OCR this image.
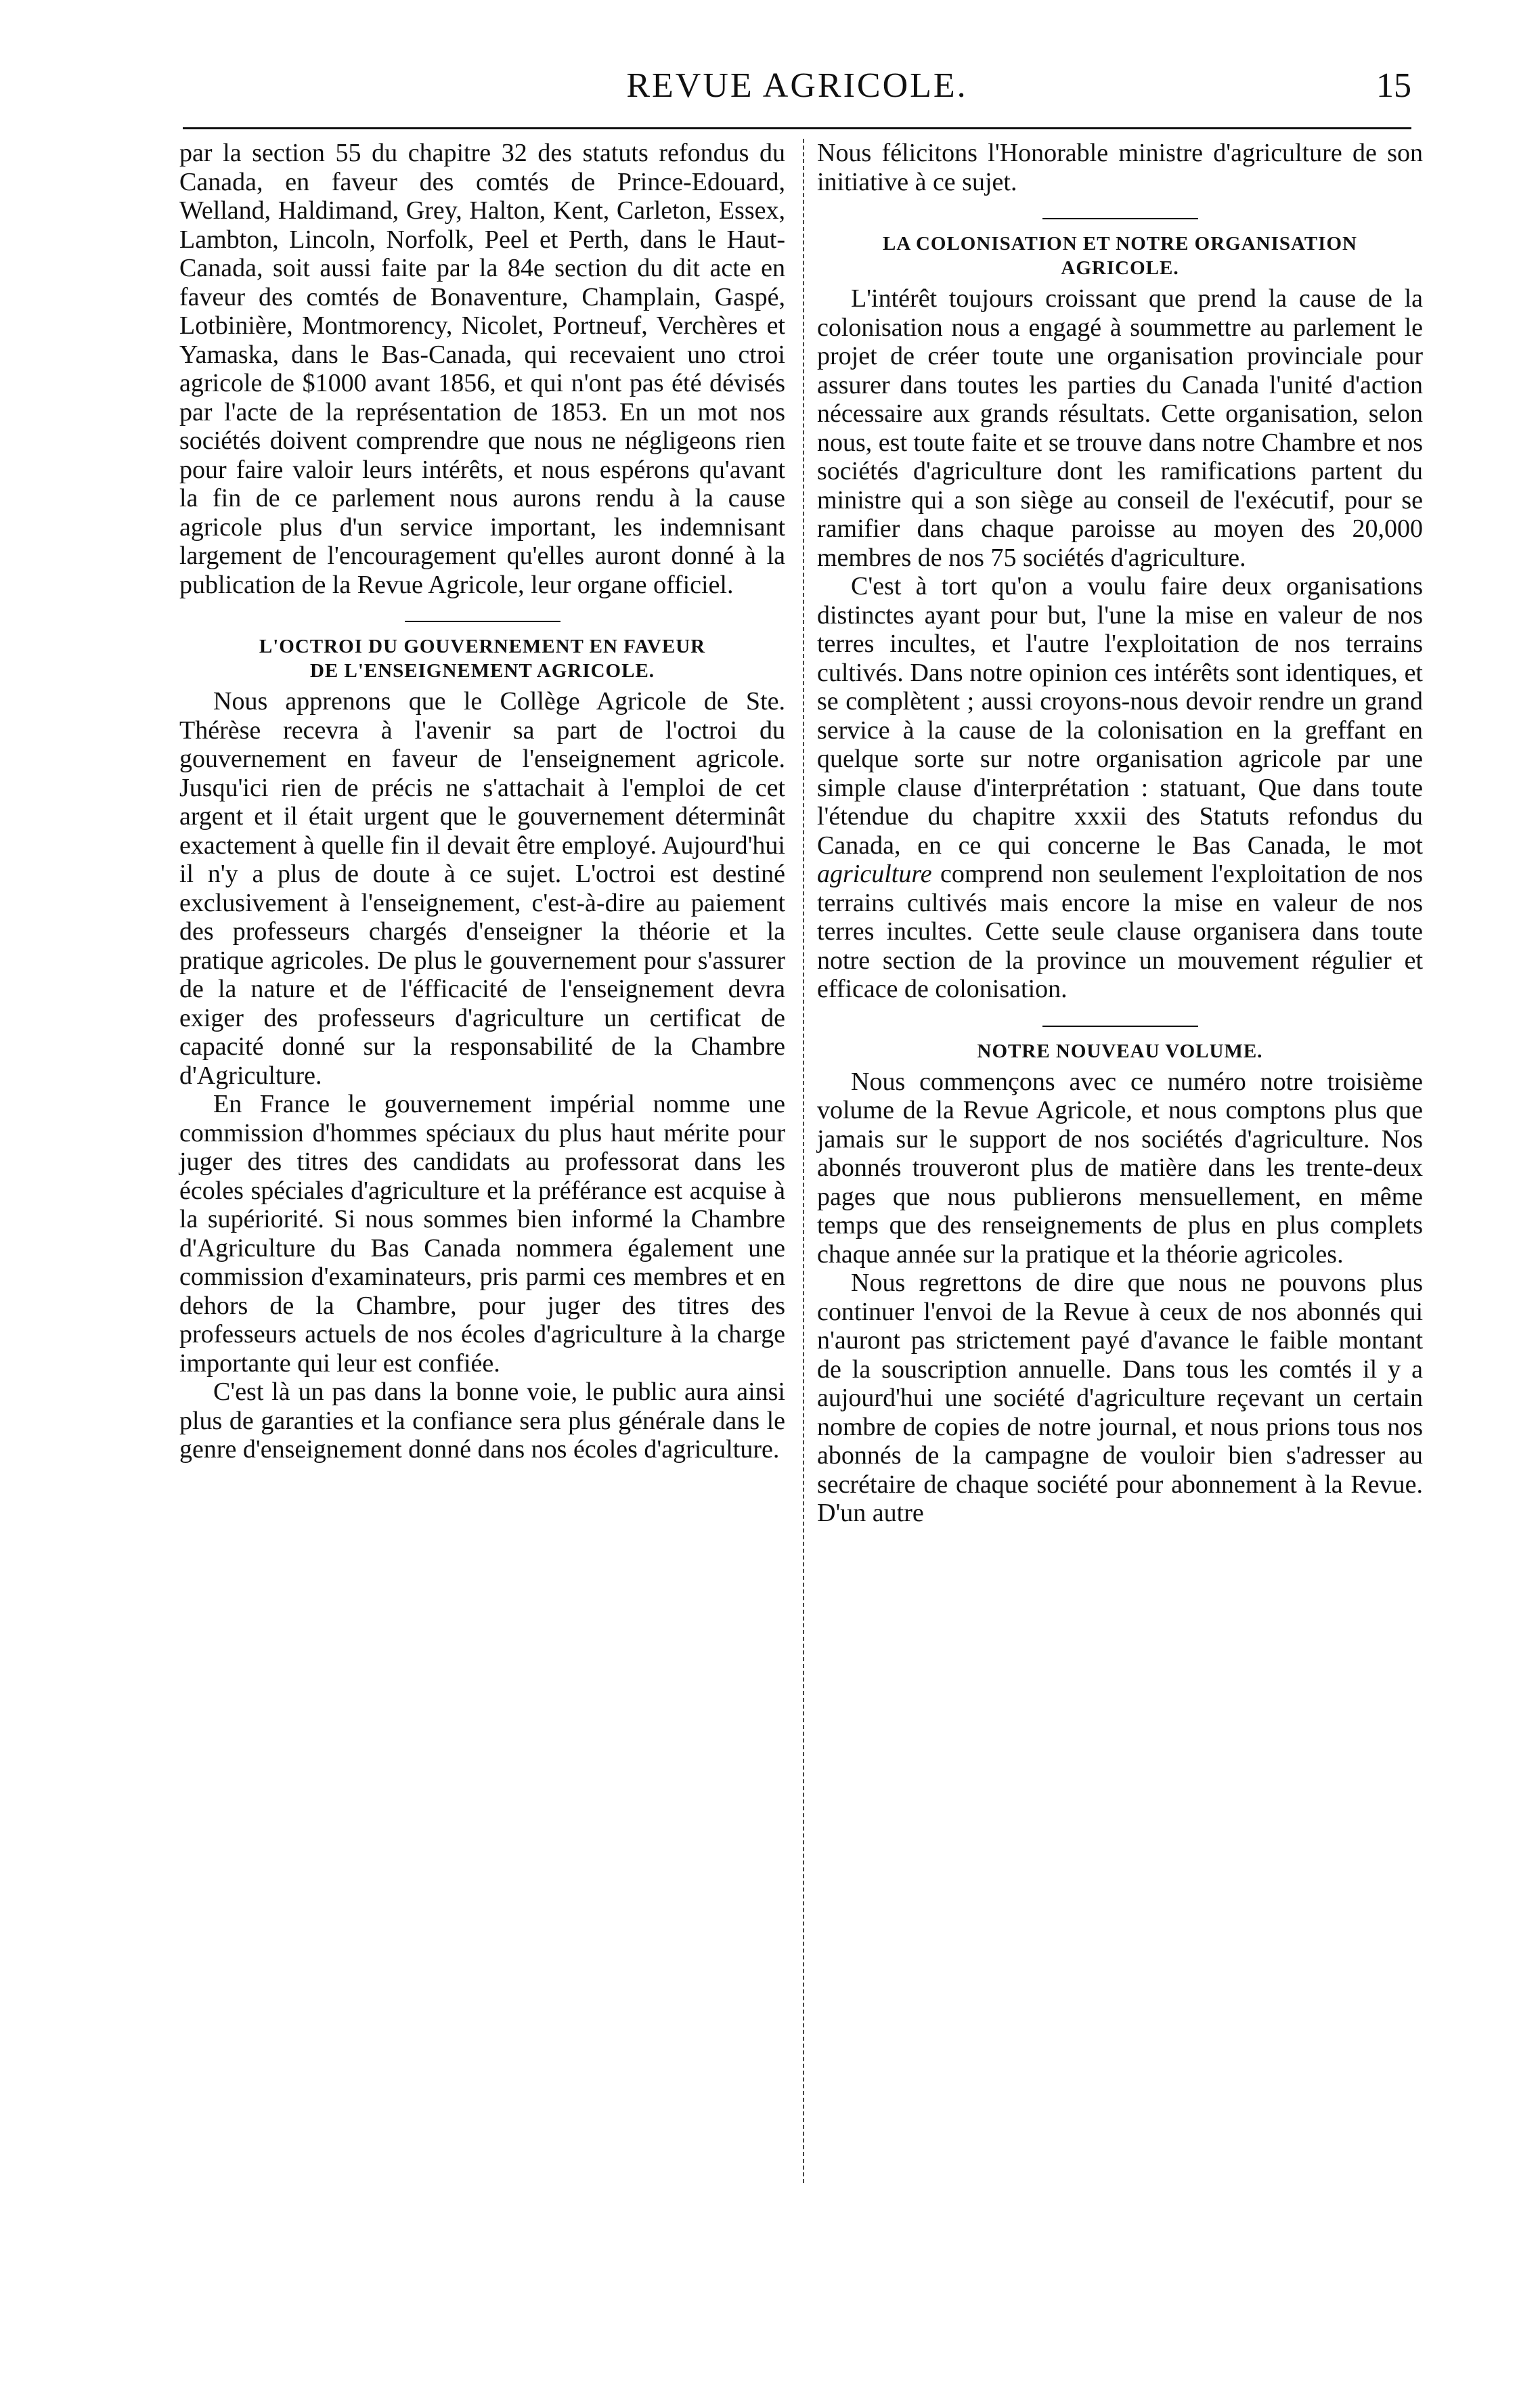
REVUE AGRICOLE.	15

par la section 55 du chapitre 32 des statuts refondus du Canada, en faveur des comtés de Prince-Edouard, Welland, Haldimand, Grey, Halton, Kent, Carleton, Essex, Lambton, Lincoln, Norfolk, Peel et Perth, dans le Haut-Canada, soit aussi faite par la 84e section du dit acte en faveur des comtés de Bonaventure, Champlain, Gaspé, Lotbinière, Montmorency, Nicolet, Portneuf, Verchères et Yamaska, dans le Bas-Canada, qui recevaient uno ctroi agricole de $1000 avant 1856, et qui n'ont pas été dévisés par l'acte de la représentation de 1853. En un mot nos sociétés doivent comprendre que nous ne négligeons rien pour faire valoir leurs intérêts, et nous espérons qu'avant la fin de ce parlement nous aurons rendu à la cause agricole plus d'un service important, les indemnisant largement de l'encouragement qu'elles auront donné à la publication de la Revue Agricole, leur organe officiel.

L'OCTROI DU GOUVERNEMENT EN FAVEUR
DE L'ENSEIGNEMENT AGRICOLE.

Nous apprenons que le Collège Agricole de Ste. Thérèse recevra à l'avenir sa part de l'octroi du gouvernement en faveur de l'enseignement agricole. Jusqu'ici rien de précis ne s'attachait à l'emploi de cet argent et il était urgent que le gouvernement déterminât exactement à quelle fin il devait être employé. Aujourd'hui il n'y a plus de doute à ce sujet. L'octroi est destiné exclusivement à l'enseignement, c'est-à-dire au paiement des professeurs chargés d'enseigner la théorie et la pratique agricoles. De plus le gouvernement pour s'assurer de la nature et de l'éfficacité de l'enseignement devra exiger des professeurs d'agriculture un certificat de capacité donné sur la responsabilité de la Chambre d'Agriculture.

En France le gouvernement impérial nomme une commission d'hommes spéciaux du plus haut mérite pour juger des titres des candidats au professorat dans les écoles spéciales d'agriculture et la préférance est acquise à la supériorité. Si nous sommes bien informé la Chambre d'Agriculture du Bas Canada nommera également une commission d'examinateurs, pris parmi ces membres et en dehors de la Chambre, pour juger des titres des professeurs actuels de nos écoles d'agriculture à la charge importante qui leur est confiée.

C'est là un pas dans la bonne voie, le public aura ainsi plus de garanties et la confiance sera plus générale dans le genre d'enseignement donné dans nos écoles d'agriculture.

Nous félicitons l'Honorable ministre d'agriculture de son initiative à ce sujet.

LA COLONISATION ET NOTRE ORGANISATION
AGRICOLE.

L'intérêt toujours croissant que prend la cause de la colonisation nous a engagé à soummettre au parlement le projet de créer toute une organisation provinciale pour assurer dans toutes les parties du Canada l'unité d'action nécessaire aux grands résultats. Cette organisation, selon nous, est toute faite et se trouve dans notre Chambre et nos sociétés d'agriculture dont les ramifications partent du ministre qui a son siège au conseil de l'exécutif, pour se ramifier dans chaque paroisse au moyen des 20,000 membres de nos 75 sociétés d'agriculture.

C'est à tort qu'on a voulu faire deux organisations distinctes ayant pour but, l'une la mise en valeur de nos terres incultes, et l'autre l'exploitation de nos terrains cultivés. Dans notre opinion ces intérêts sont identiques, et se complètent ; aussi croyons-nous devoir rendre un grand service à la cause de la colonisation en la greffant en quelque sorte sur notre organisation agricole par une simple clause d'interprétation : statuant, Que dans toute l'étendue du chapitre xxxii des Statuts refondus du Canada, en ce qui concerne le Bas Canada, le mot agriculture comprend non seulement l'exploitation de nos terrains cultivés mais encore la mise en valeur de nos terres incultes. Cette seule clause organisera dans toute notre section de la province un mouvement régulier et efficace de colonisation.

NOTRE NOUVEAU VOLUME.

Nous commençons avec ce numéro notre troisième volume de la Revue Agricole, et nous comptons plus que jamais sur le support de nos sociétés d'agriculture. Nos abonnés trouveront plus de matière dans les trente-deux pages que nous publierons mensuellement, en même temps que des renseignements de plus en plus complets chaque année sur la pratique et la théorie agricoles.

Nous regrettons de dire que nous ne pouvons plus continuer l'envoi de la Revue à ceux de nos abonnés qui n'auront pas strictement payé d'avance le faible montant de la souscription annuelle. Dans tous les comtés il y a aujourd'hui une société d'agriculture reçevant un certain nombre de copies de notre journal, et nous prions tous nos abonnés de la campagne de vouloir bien s'adresser au secrétaire de chaque société pour abonnement à la Revue. D'un autre
